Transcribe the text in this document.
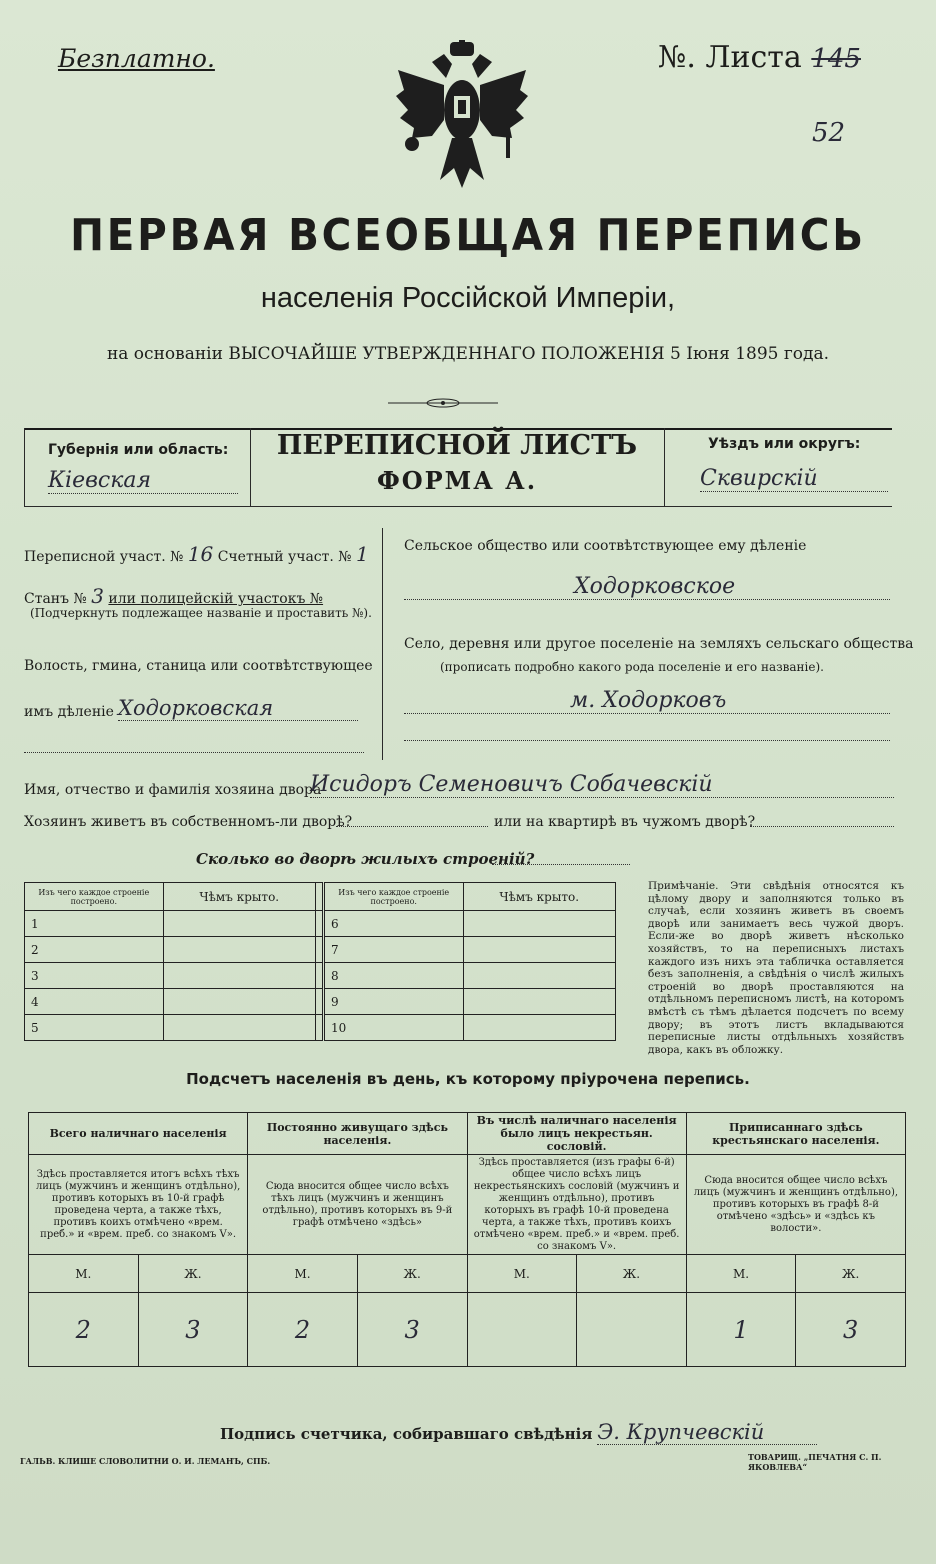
Безплатно.	№. Листа 145
52
ПЕРВАЯ ВСЕОБЩАЯ ПЕРЕПИСЬ
населенія Россійской Имперіи,
на основаніи ВЫСОЧАЙШЕ УТВЕРЖДЕННАГО ПОЛОЖЕНІЯ 5 Іюня 1895 года.
Губернія или область:
Кіевская
ПЕРЕПИСНОЙ ЛИСТЪ
ФОРМА А.
Уѣздъ или округъ:
Сквирскій
Переписной участ. № 16 Счетный участ. № 1
Станъ № 3 или полицейскій участокъ №
(Подчеркнуть подлежащее названіе и проставить №).
Волость, гмина, станица или соотвѣтствующее
имъ дѣленіе Ходорковская
Сельское общество или соотвѣтствующее ему дѣленіе
Ходорковское
Село, деревня или другое поселеніе на земляхъ сельскаго общества
(прописать подробно какого рода поселеніе и его названіе).
м. Ходорковъ
Имя, отчество и фамилія хозяина двора
Исидоръ Семеновичъ Собачевскій
Хозяинъ живетъ въ собственномъ-ли дворѣ?	или на квартирѣ въ чужомъ дворѣ?
Сколько во дворѣ жилыхъ строеній?
Изъ чего каждое строеніе построено.	Чѣмъ крыто.		Изъ чего каждое строеніе построено.	Чѣмъ крыто.
1			6	
2			7	
3			8	
4			9	
5			10	
Примѣчаніе. Эти свѣдѣнія относятся къ цѣлому двору и заполняются только въ случаѣ, если хозяинъ живетъ въ своемъ дворѣ или занимаетъ весь чужой дворъ. Если-же во дворѣ живетъ нѣсколько хозяйствъ, то на переписныхъ листахъ каждого изъ нихъ эта табличка оставляется безъ заполненія, а свѣдѣнія о числѣ жилыхъ строеній во дворѣ проставляются на отдѣльномъ переписномъ листѣ, на которомъ вмѣстѣ съ тѣмъ дѣлается подсчетъ по всему двору; въ этотъ листъ вкладываются переписные листы отдѣльныхъ хозяйствъ двора, какъ въ обложку.
Подсчетъ населенія въ день, къ которому пріурочена перепись.
Всего наличнаго населенія		Постоянно живущаго здѣсь населенія.		Въ числѣ наличнаго населенія было лицъ некрестьян. сословій.		Приписаннаго здѣсь крестьянскаго населенія.	
Здѣсь проставляется итогъ всѣхъ тѣхъ лицъ (мужчинъ и женщинъ отдѣльно), противъ которыхъ въ 10-й графѣ проведена черта, а также тѣхъ, противъ коихъ отмѣчено «врем. преб.» и «врем. преб. со знакомъ V».		Сюда вносится общее число всѣхъ тѣхъ лицъ (мужчинъ и женщинъ отдѣльно), противъ которыхъ въ 9-й графѣ отмѣчено «здѣсь»		Здѣсь проставляется (изъ графы 6-й) общее число всѣхъ лицъ некрестьянскихъ сословій (мужчинъ и женщинъ отдѣльно), противъ которыхъ въ графѣ 10-й проведена черта, а также тѣхъ, противъ коихъ отмѣчено «врем. преб.» и «врем. преб. со знакомъ V».		Сюда вносится общее число всѣхъ лицъ (мужчинъ и женщинъ отдѣльно), противъ которыхъ въ графѣ 8-й отмѣчено «здѣсь» и «здѣсь къ волости».	
М.	Ж.	М.	Ж.	М.	Ж.	М.	Ж.
2	3	2	3			1	3
Подпись счетчика, собиравшаго свѣдѣнія Э. Крупчевскій
ГАЛЬВ. КЛИШЕ СЛОВОЛИТНИ О. И. ЛЕМАНЪ, СПБ.	ТОВАРИЩ. „ПЕЧАТНЯ С. П. ЯКОВЛЕВА“
